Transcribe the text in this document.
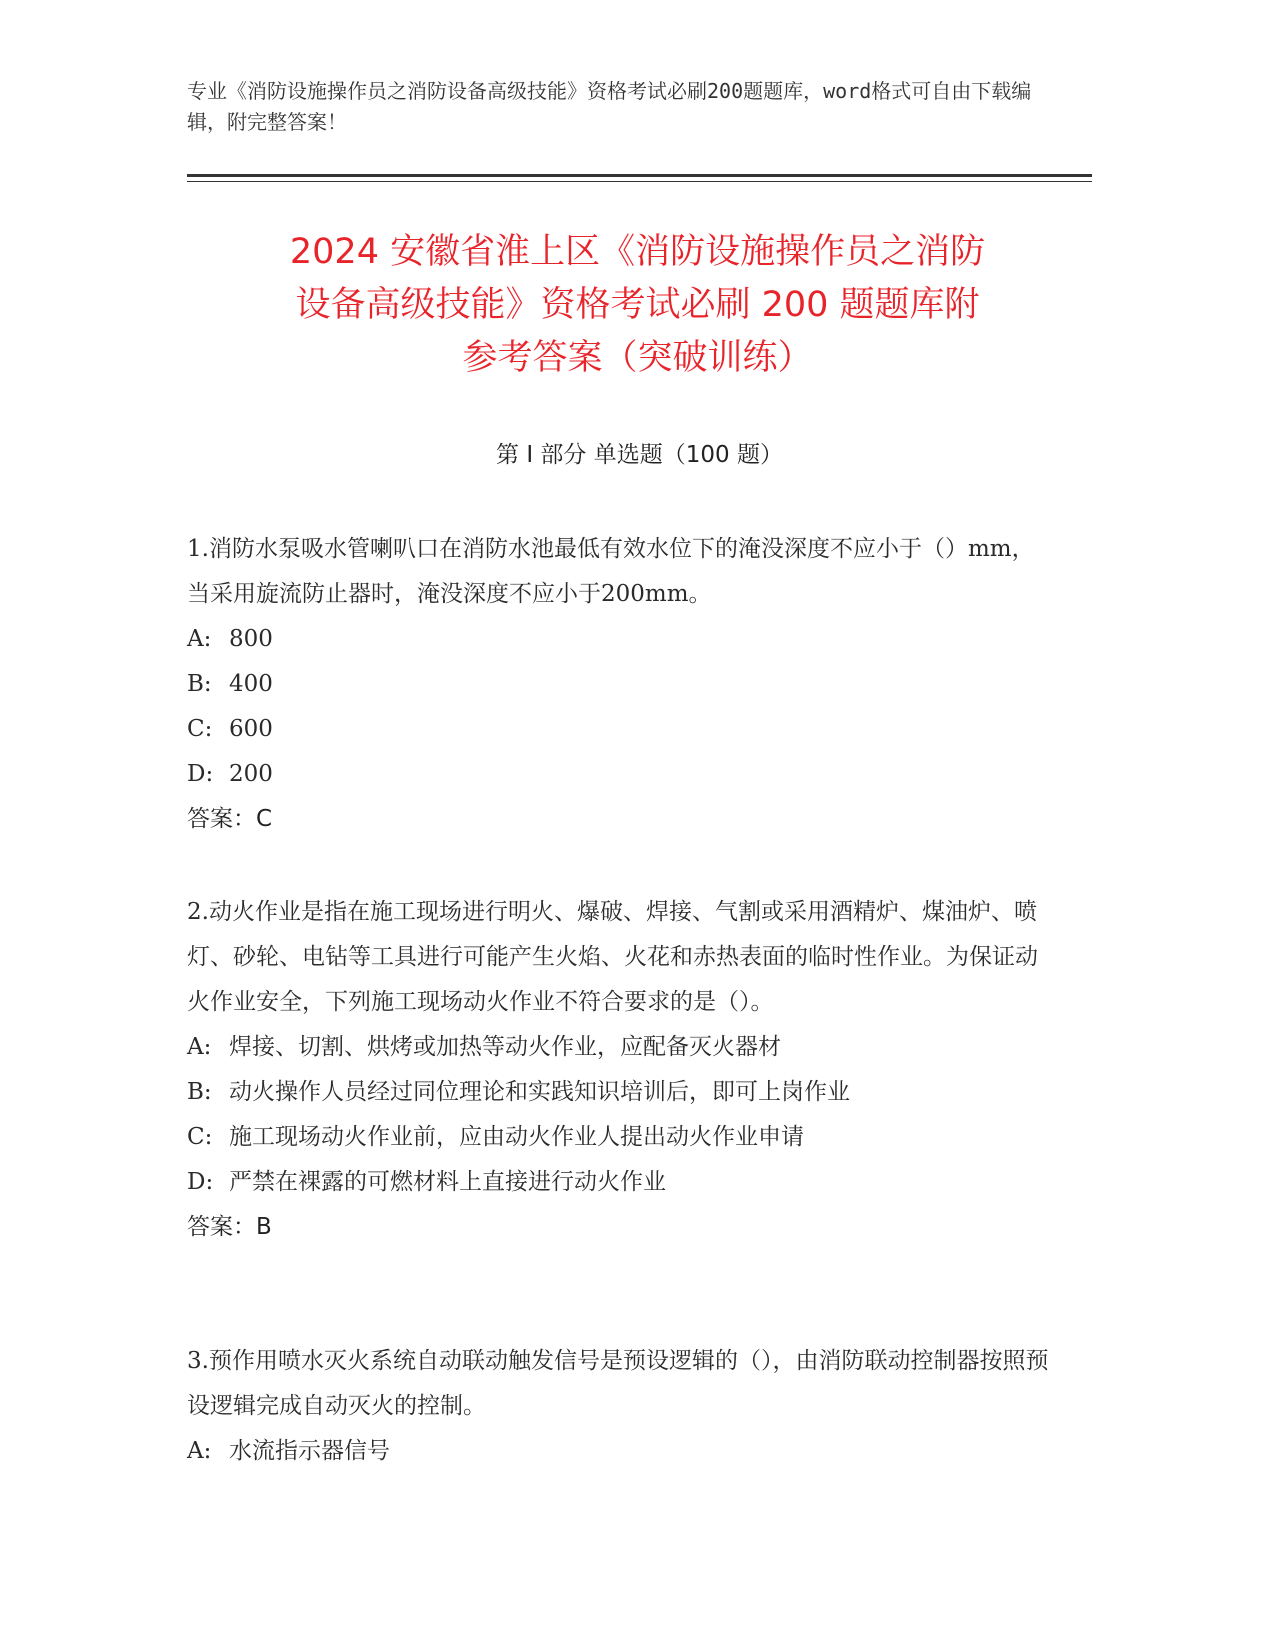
专业《消防设施操作员之消防设备高级技能》资格考试必刷200题题库，word格式可自由下载编辑，附完整答案！
2024 安徽省淮上区《消防设施操作员之消防
设备高级技能》资格考试必刷 200 题题库附
参考答案（突破训练）
第 I 部分 单选题（100 题）

1.消防水泵吸水管喇叭口在消防水池最低有效水位下的淹没深度不应小于（）mm，当采用旋流防止器时，淹没深度不应小于200mm。

A: 800

B: 400

C: 600

D: 200

答案：C

2.动火作业是指在施工现场进行明火、爆破、焊接、气割或采用酒精炉、煤油炉、喷灯、砂轮、电钻等工具进行可能产生火焰、火花和赤热表面的临时性作业。为保证动火作业安全，下列施工现场动火作业不符合要求的是（）。

A: 焊接、切割、烘烤或加热等动火作业，应配备灭火器材

B: 动火操作人员经过同位理论和实践知识培训后，即可上岗作业

C: 施工现场动火作业前，应由动火作业人提出动火作业申请

D: 严禁在裸露的可燃材料上直接进行动火作业

答案：B

3.预作用喷水灭火系统自动联动触发信号是预设逻辑的（），由消防联动控制器按照预设逻辑完成自动灭火的控制。

A: 水流指示器信号
